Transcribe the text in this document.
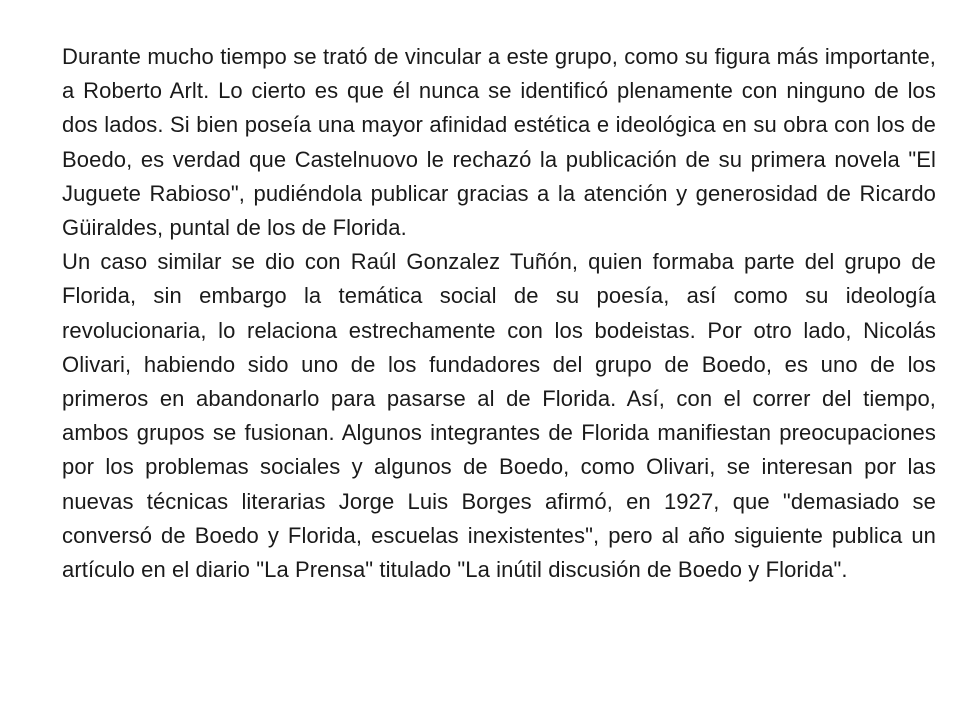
Durante mucho tiempo se trató de vincular a este grupo, como su figura más importante, a Roberto Arlt. Lo cierto es que él nunca se identificó plenamente con ninguno de los dos lados. Si bien poseía una mayor afinidad estética e ideológica en su obra con los de Boedo, es verdad que Castelnuovo le rechazó la publicación de su primera novela "El Juguete Rabioso", pudiéndola publicar gracias a la atención y generosidad de Ricardo Güiraldes, puntal de los de Florida.

Un caso similar se dio con Raúl Gonzalez Tuñón, quien formaba parte del grupo de Florida, sin embargo la temática social de su poesía, así como su ideología revolucionaria, lo relaciona estrechamente con los bodeistas. Por otro lado, Nicolás Olivari, habiendo sido uno de los fundadores del grupo de Boedo, es uno de los primeros en abandonarlo para pasarse al de Florida. Así, con el correr del tiempo, ambos grupos se fusionan. Algunos integrantes de Florida manifiestan preocupaciones por los problemas sociales y algunos de Boedo, como Olivari, se interesan por las nuevas técnicas literarias Jorge Luis Borges afirmó, en 1927, que "demasiado se conversó de Boedo y Florida, escuelas inexistentes", pero al año siguiente publica un artículo en el diario "La Prensa" titulado "La inútil discusión de Boedo y Florida".
